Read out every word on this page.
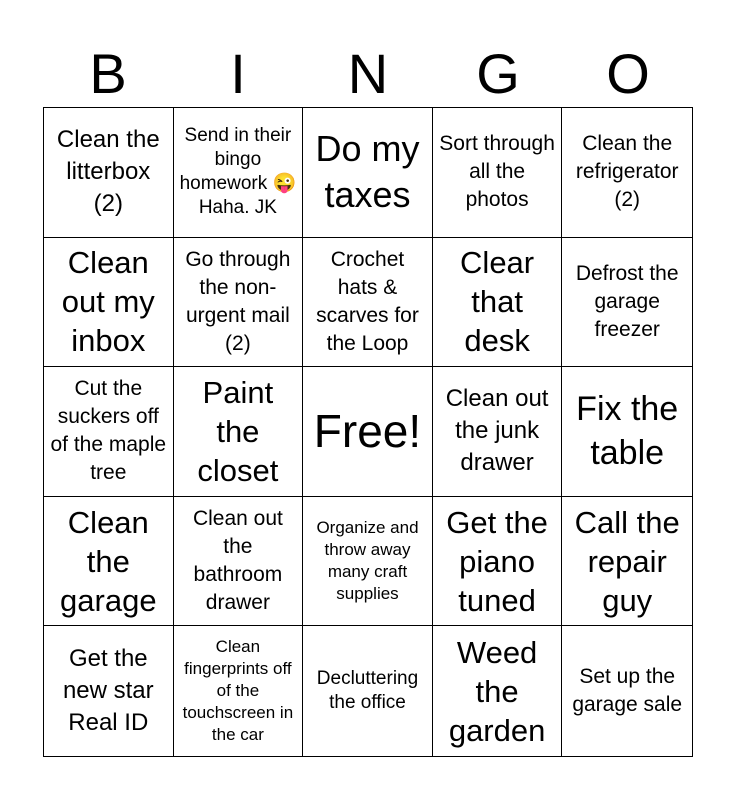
B	I	N	G	O
Clean the litterbox (2)
Send in their bingo homework 😜 Haha. JK
Do my taxes
Sort through all the photos
Clean the refrigerator (2)
Clean out my inbox
Go through the non-urgent mail (2)
Crochet hats & scarves for the Loop
Clear that desk
Defrost the garage freezer
Cut the suckers off of the maple tree
Paint the closet
Free!
Clean out the junk drawer
Fix the table
Clean the garage
Clean out the bathroom drawer
Organize and throw away many craft supplies
Get the piano tuned
Call the repair guy
Get the new star Real ID
Clean fingerprints off of the touchscreen in the car
Decluttering the office
Weed the garden
Set up the garage sale
